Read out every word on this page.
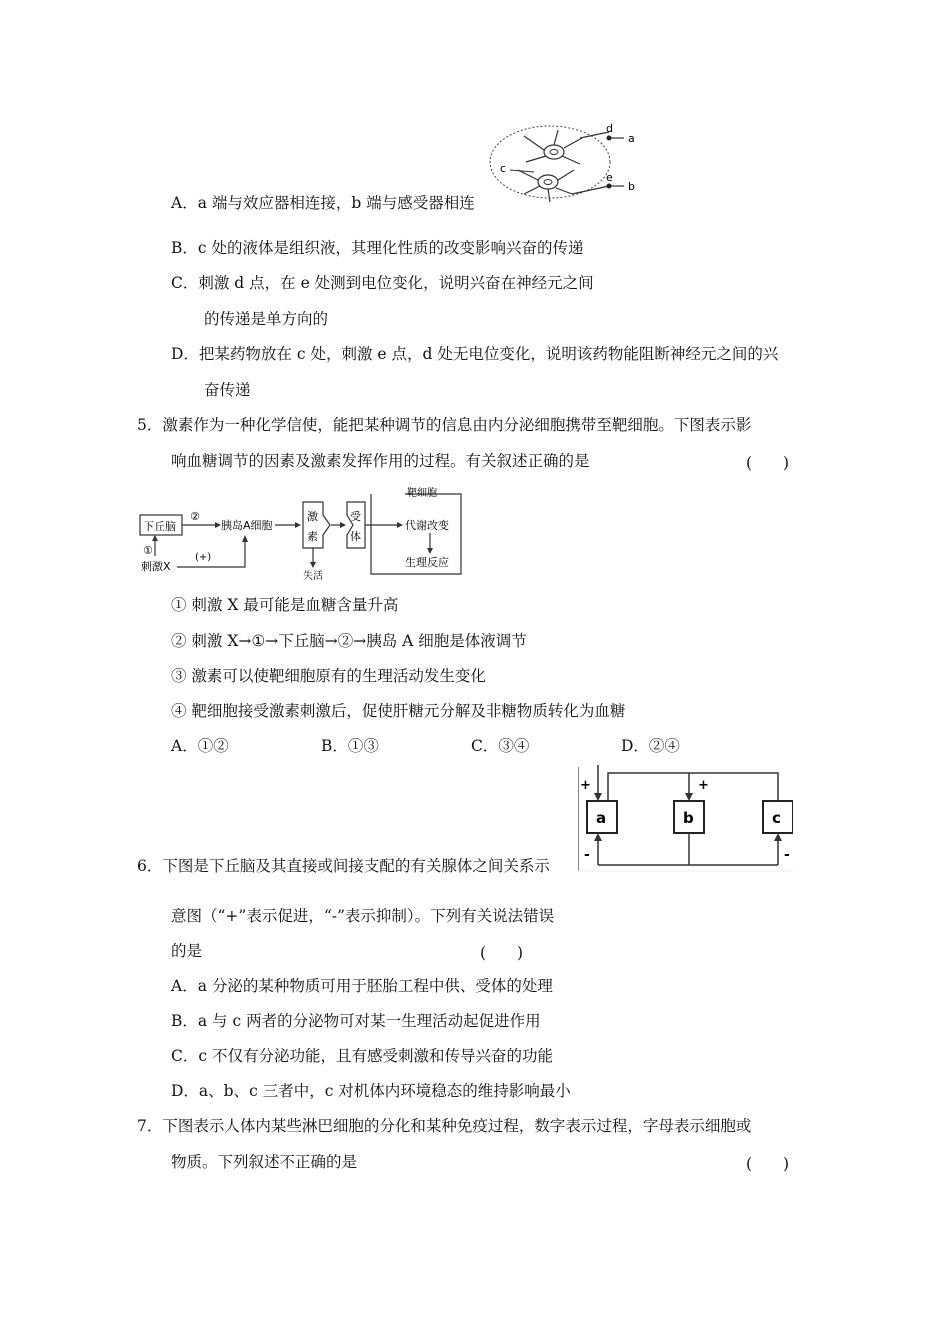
d
a
c
e
b
A．a 端与效应器相连接，b 端与感受器相连
B．c 处的液体是组织液，其理化性质的改变影响兴奋的传递
C．刺激 d 点，在 e 处测到电位变化，说明兴奋在神经元之间
的传递是单方向的
D．把某药物放在 c 处，刺激 e 点，d 处无电位变化，说明该药物能阻断神经元之间的兴
奋传递
5．激素作为一种化学信使，能把某种调节的信息由内分泌细胞携带至靶细胞。下图表示影
响血糖调节的因素及激素发挥作用的过程。有关叙述正确的是	(　　)
下丘脑
②
胰岛A细胞
激
素
失活
受
体
靶细胞
代谢改变
生理反应
①
刺激X
(+)
① 刺激 X 最可能是血糖含量升高
② 刺激 X→①→下丘脑→②→胰岛 A 细胞是体液调节
③ 激素可以使靶细胞原有的生理活动发生变化
④ 靶细胞接受激素刺激后，促使肝糖元分解及非糖物质转化为血糖
A．①②	B．①③	C．③④	D．②④
a	b	c
+	+
-	-
6．下图是下丘脑及其直接或间接支配的有关腺体之间关系示
意图（“+”表示促进，“-”表示抑制）。下列有关说法错误
的是	(　　)
A．a 分泌的某种物质可用于胚胎工程中供、受体的处理
B．a 与 c 两者的分泌物可对某一生理活动起促进作用
C．c 不仅有分泌功能，且有感受刺激和传导兴奋的功能
D．a、b、c 三者中，c 对机体内环境稳态的维持影响最小
7．下图表示人体内某些淋巴细胞的分化和某种免疫过程，数字表示过程，字母表示细胞或
物质。下列叙述不正确的是	(　　)
